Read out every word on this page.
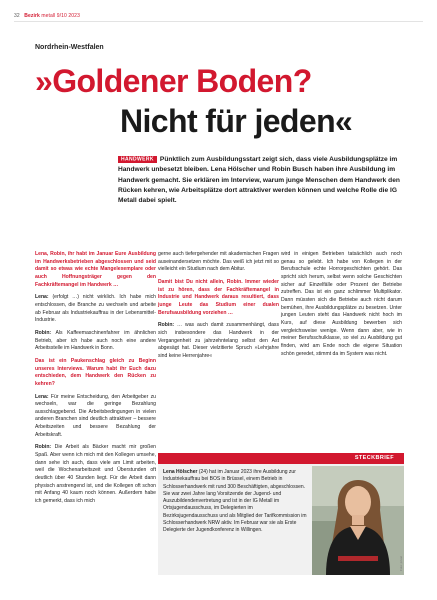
32 Bezirk metall 9/10 2023
Nordrhein-Westfalen
»Goldener Boden?
Nicht für jeden«
HANDWERK Pünktlich zum Ausbildungsstart zeigt sich, dass viele Ausbildungsplätze im Handwerk unbesetzt bleiben. Lena Hölscher und Robin Busch haben ihre Ausbildung im Handwerk gemacht. Sie erklären im Interview, warum junge Menschen dem Handwerk den Rücken kehren, wie Arbeitsplätze dort attraktiver werden können und welche Rolle die IG Metall dabei spielt.

Lena, Robin, ihr habt im Januar Eure Ausbildung im Handwerksbetrieben abgeschlossen und seid damit so etwas wie echte Mangelexemplare oder auch Hoffnungsträger gegen den Fachkräftemangel im Handwerk …

Lena: (erfolgt …) nicht wirklich. Ich habe mich entschlossen, die Branche zu wechseln und arbeite ab Februar als Industriekauffrau in der Lebensmittel-Industrie.

Robin: Als Kaffeemaschinenfahrer im ähnlichen Betrieb, aber ich habe auch noch eine andere Arbeitsstelle im Handwerk in Bonn.

Das ist ein Paukenschlag gleich zu Beginn unseres Interviews. Warum habt ihr Euch dazu entschieden, dem Handwerk den Rücken zu kehren?

Lena: Für meine Entscheidung, den Arbeitgeber zu wechseln, war die geringe Bezahlung ausschlaggebend. Die Arbeitsbedingungen in vielen anderen Branchen sind deutlich attraktiver – bessere Arbeitszeiten und bessere Bezahlung der Arbeitskraft.

Robin: Die Arbeit als Bäcker macht mir großen Spaß. Aber wenn ich mich mit den Kollegen umsehe, dann sehe ich auch, dass viele am Limit arbeiten, weil die Wochenarbeitszeit und Überstunden oft deutlich über 40 Stunden liegt. Für die Arbeit dann physisch anstrengend ist, und die Kollegen oft schon mit Anfang 40 kaum noch können. Außerdem habe ich gemerkt, dass ich mich

gerne auch tiefergehender mit akademischen Fragen auseinandersetzen möchte. Das weiß ich jetzt mit so vielleicht ein Studium nach dem Abitur.

Damit bist Du nicht allein, Robin. Immer wieder ist zu hören, dass der Fachkräftemangel in Industrie und Handwerk daraus resultiert, dass junge Leute das Studium einer dualen Berufsausbildung vorziehen …

Robin: … was auch damit zusammenhängt, dass sich insbesondere das Handwerk in der Vergangenheit zu jahrzehntelang selbst den Ast abgesägt hat. Dieser vielzitierte Spruch »Lehrjahre sind keine Herrenjahre«

wird in einigen Betrieben tatsächlich auch noch genau so gelebt. Ich habe von Kollegen in der Berufsschule echte Horrorgeschichten gehört. Das spricht sich herum, selbst wenn solche Geschichten sicher auf Einzelfälle oder Prozent der Betriebe zutreffen. Das ist ein ganz schlimmer Multiplikator. Dann müssten sich die Betriebe auch nicht darum bemühen, ihre Ausbildungsplätze zu besetzen. Unter jungen Leuten steht das Handwerk nicht hoch im Kurs, auf diese Ausbildung bewerben sich vergleichsweise wenige. Wenn dann aber, wie in meiner Berufsschulklasse, so viel zu Ausbildung gut finden, wird am Ende noch die eigene Situation schön geredet, stimmt da im System was nicht.

STECKBRIEF
Lena Hölscher (24) hat im Januar 2023 ihre Ausbildung zur Industriekauffrau bei BOS in Brüssel, einem Betrieb in Schlosserhandwerk mit rund 300 Beschäftigten, abgeschlossen. Sie war zwei Jahre lang Vorsitzende der Jugend- und Auszubildendenvertretung und ist in der IG Metall im Ortsjugendausschuss, im Delegierten im Bezirksjugendausschuss und als Mitglied der Tarifkommission im Schlosserhandwerk NRW aktiv. Im Februar war sie als Erste Delegierte der Jugendkonferenz in Willingen.
Foto: privat
